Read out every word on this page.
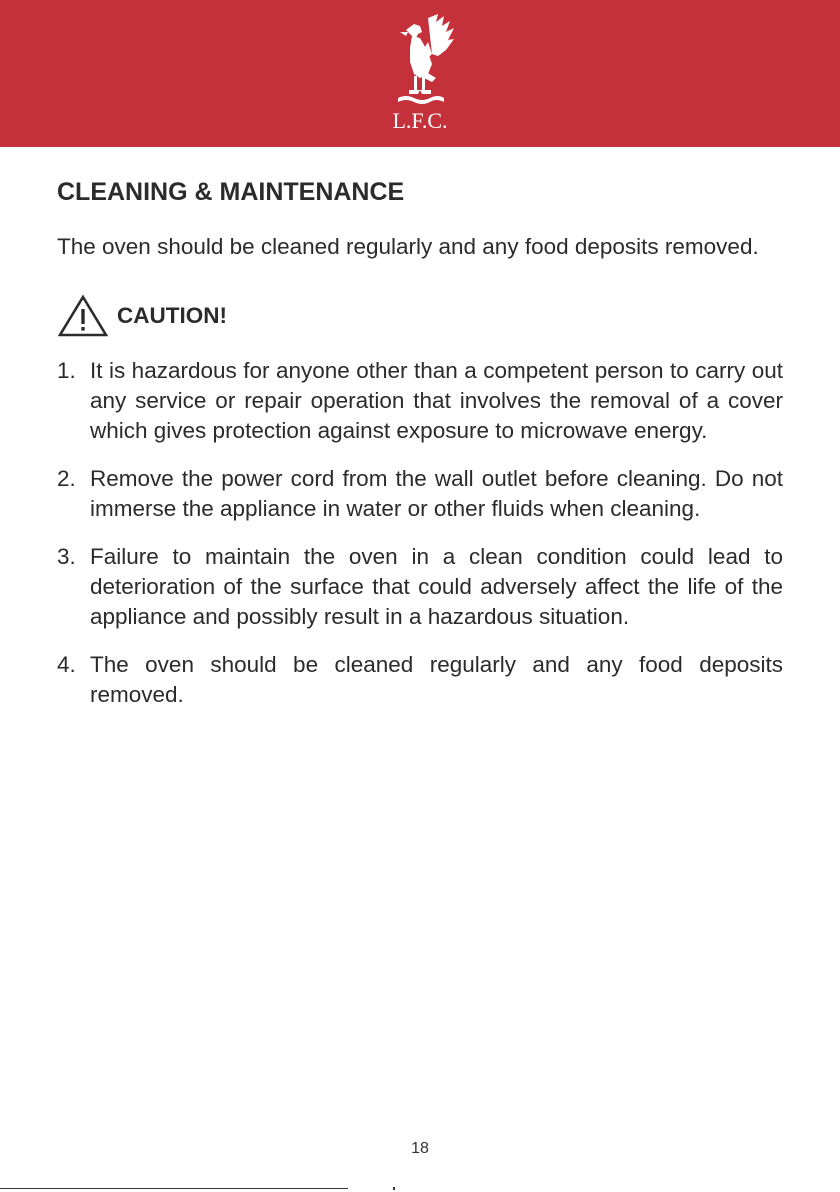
L.F.C.
CLEANING & MAINTENANCE

The oven should be cleaned regularly and any food deposits removed.

CAUTION!
1. It is hazardous for anyone other than a competent person to carry out any service or repair operation that involves the removal of a cover which gives protection against exposure to microwave energy.
2. Remove the power cord from the wall outlet before cleaning. Do not immerse the appliance in water or other fluids when cleaning.
3. Failure to maintain the oven in a clean condition could lead to deterioration of the surface that could adversely affect the life of the appliance and possibly result in a hazardous situation.
4. The oven should be cleaned regularly and any food deposits removed.
18
